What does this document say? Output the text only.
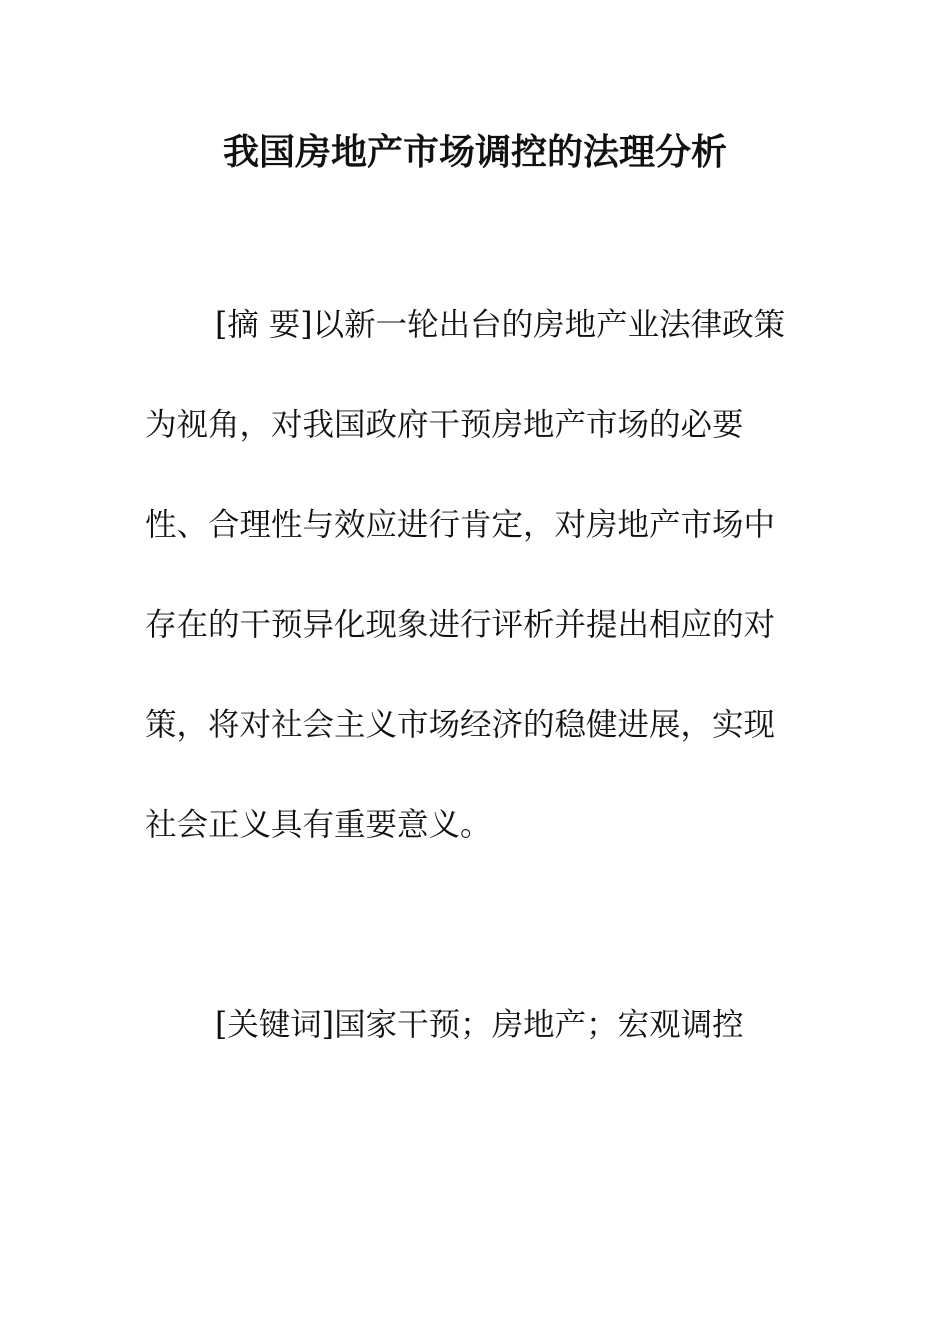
我国房地产市场调控的法理分析

[摘 要]以新一轮出台的房地产业法律政策为视角，对我国政府干预房地产市场的必要性、合理性与效应进行肯定，对房地产市场中存在的干预异化现象进行评析并提出相应的对策，将对社会主义市场经济的稳健进展，实现社会正义具有重要意义。

[关键词]国家干预；房地产；宏观调控
